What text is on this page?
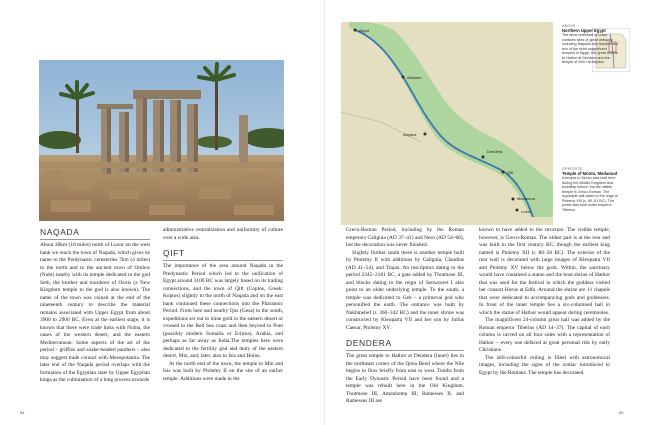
NAQADA

About 30km (18 miles) north of Luxor on the west bank we reach the town of Naqada, which gives its name to the Predynastic cemeteries 7km (4 miles) to the north and to the ancient town of Ombos (Nubt) nearby with its temple dedicated to the god Seth, the brother and murderer of Osiris (a New Kingdom temple to the god is also known). The name of the town was coined at the end of the nineteenth century to describe the material remains associated with Upper Egypt from about 3900 to 2900 BC. Even at the earliest stage, it is known that there were trade links with Nubia, the oases of the western desert, and the eastern Mediterranean. Some aspects of the art of the period – griffins and snake-headed panthers – also may suggest trade contact with Mesopotamia. The later end of the Naqada period overlaps with the formation of the Egyptian state by Upper Egyptian kings as the culmination of a long process towards

administrative centralization and uniformity of culture over a wide area.

QIFT

The importance of the area around Naqada in the Predynastic Period which led to the unification of Egypt around 3100 BC was largely based on its trading connections, and the town of Qift (Coptos, Greek: Koptos) slightly to the north of Naqada and on the east bank continued these connections into the Pharaonic Period. From here and nearby Qus (Gesa) to the south, expeditions set out to mine gold in the eastern desert or crossed to the Red Sea coast and then beyond to Punt (possibly modern Somalia or Eritrea), Arabia, and perhaps as far away as India.The temples here were dedicated to the fertility god and deity of the eastern desert, Min, and, later, also to Isis and Horus.

At the north end of the town, the temple to Min and Isis was built by Ptolemy II on the site of an earlier temple. Additions were made in the

84	85
Asyut
Akhmim
Abydos
Dendera
Qift
Luxor
Medamud
ABOVE
Northern Upper Egypt
The area northeast of Luxor contains sites of great antiquity including Naqada and Abydos and two of the most magnificent temples in Egypt, the great temple to Hathor at Dendera and the temple of Seti I at Abydos.
OPPOSITE
Temple of Montu, Medamud
A temple to Montu was built here during the Middle Kingdom and probably before, but the visible temple is Greco-Roman. The hypostyle hall dates to the reign of Ptolemy VIII (c. 80–51 BC). The portal was built under emperor Tiberius.

Greco-Roman Period, including by the Roman emperors Caligula (AD 37–41) and Nero (AD 54–68), but the decoration was never finished.

Slightly further south there is another temple built by Ptolemy II with additions by Caligula, Claudius (AD 41–54), and Trajan. An inscription dating to the period 2345–2181 BC, a gate added by Thutmose III, and blocks dating to the reign of Senwosret I also point to an older underlying temple. To the south, a temple was dedicated to Geb – a primeval god who personified the earth. The entrance was built by Nakhtnebef (r. 360–342 BC) and the inner shrine was constructed by Kleopatra VII and her son by Julius Caesar, Ptolemy XV.

DENDERA

The great temple to Hathor at Dendera (Iunet) lies in the northeast corner of the Qena Bend where the Nile begins to flow briefly from east to west. Tombs from the Early Dynastic Period have been found and a temple was rebuilt here in the Old Kingdom. Thutmose III, Amenhotep III, Ramesses II, and Ramesses III are

known to have added to the structure. The visible temple, however, is Greco-Roman. The oldest part is at the rear and was built in the first century BC, though the earliest king named is Ptolemy XII (r. 80–58 BC). The exterior of the rear wall is decorated with large images of Kleopatra VII and Ptolemy XV below the gods. Within, the sanctuary would have contained a statue and the boat shrine of Hathor that was used for the festival in which the goddess visited her consort Horus at Edfu. Around the shrine are 11 chapels that were dedicated to accompanying gods and goddesses. In front of the inner temple lies a six-columned hall in which the statue of Hathor would appear during ceremonies.

The magnificent 24-column great hall was added by the Roman emperor Tiberius (AD 14–37). The capital of each column is carved on all four sides with a representation of Hathor – every one defaced at great personal risk by early Christians.

The still-colourful ceiling is filled with astronomical images, including the signs of the zodiac introduced to Egypt by the Romans. The temple has decorated
